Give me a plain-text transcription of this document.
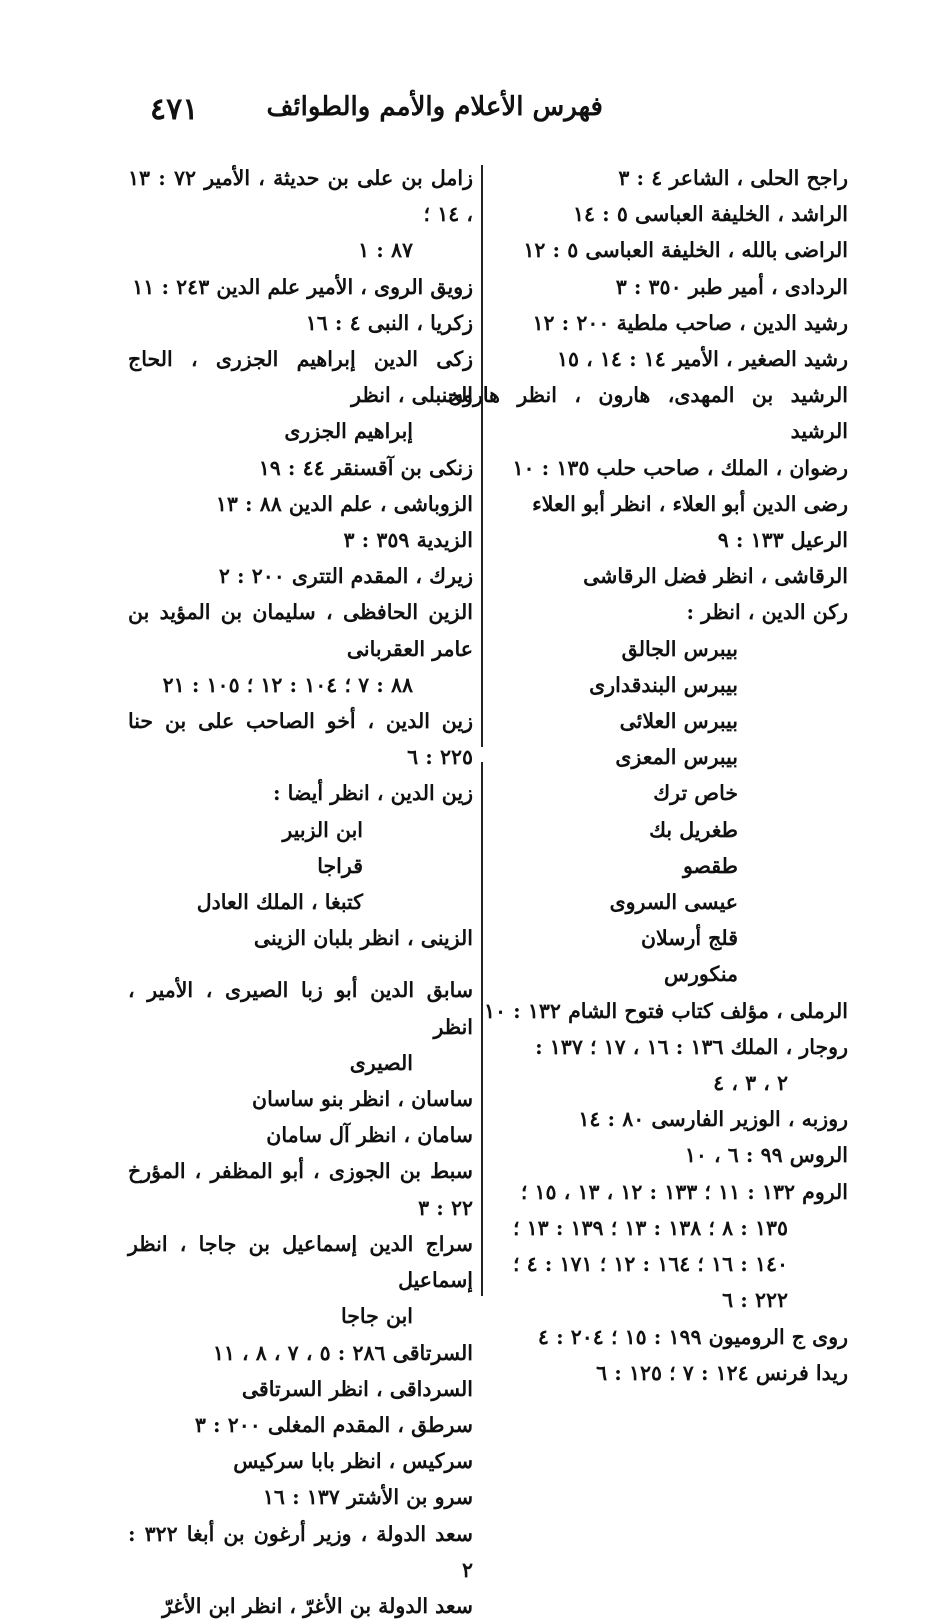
٤٧١	فهرس الأعلام والأمم والطوائف
راجح الحلى ، الشاعر ٤ : ٣
الراشد ، الخليفة العباسى ٥ : ١٤
الراضى بالله ، الخليفة العباسى ٥ : ١٢
الردادى ، أمير طبر ٣٥٠ : ٣
رشيد الدين ، صاحب ملطية ٢٠٠ : ١٢
رشيد الصغير ، الأمير ١٤ : ١٤ ، ١٥
الرشيد بن المهدى، هارون ، انظر هارون الرشيد
رضوان ، الملك ، صاحب حلب ١٣٥ : ١٠
رضى الدين أبو العلاء ، انظر أبو العلاء
الرعيل ١٣٣ : ٩
الرقاشى ، انظر فضل الرقاشى
ركن الدين ، انظر :
بيبرس الجالق
بيبرس البندقدارى
بيبرس العلائى
بيبرس المعزى
خاص ترك
طغريل بك
طقصو
عيسى السروى
قلج أرسلان
منكورس
الرملى ، مؤلف كتاب فتوح الشام ١٣٢ : ١٠
روجار ، الملك ١٣٦ : ١٦ ، ١٧ ؛ ١٣٧ :
٢ ، ٣ ، ٤
روزبه ، الوزير الفارسى ٨٠ : ١٤
الروس ٩٩ : ٦ ، ١٠
الروم ١٣٢ : ١١ ؛ ١٣٣ : ١٢ ، ١٣ ، ١٥ ؛
١٣٥ : ٨ ؛ ١٣٨ : ١٣ ؛ ١٣٩ : ١٣ ؛
١٤٠ : ١٦ ؛ ١٦٤ : ١٢ ؛ ١٧١ : ٤ ؛
٢٢٢ : ٦
روى ج الروميون ١٩٩ : ١٥ ؛ ٢٠٤ : ٤
ريدا فرنس ١٢٤ : ٧ ؛ ١٢٥ : ٦
زامل بن على بن حديثة ، الأمير ٧٢ : ١٣ ، ١٤ ؛
٨٧ : ١
زويق الروى ، الأمير علم الدين ٢٤٣ : ١١
زكريا ، النبى ٤ : ١٦
زكى الدين إبراهيم الجزرى ، الحاج الحنبلى ، انظر
إبراهيم الجزرى
زنكى بن آقسنقر ٤٤ : ١٩
الزوباشى ، علم الدين ٨٨ : ١٣
الزيدية ٣٥٩ : ٣
زيرك ، المقدم التترى ٢٠٠ : ٢
الزين الحافظى ، سليمان بن المؤيد بن عامر العقربانى
٨٨ : ٧ ؛ ١٠٤ : ١٢ ؛ ١٠٥ : ٢١
زين الدين ، أخو الصاحب على بن حنا ٢٢٥ : ٦
زين الدين ، انظر أيضا :
ابن الزبير
قراجا
كتبغا ، الملك العادل
الزينى ، انظر بلبان الزينى
سابق الدين أبو زبا الصيرى ، الأمير ، انظر
الصيرى
ساسان ، انظر بنو ساسان
سامان ، انظر آل سامان
سبط بن الجوزى ، أبو المظفر ، المؤرخ ٢٢ : ٣
سراج الدين إسماعيل بن جاجا ، انظر إسماعيل
ابن جاجا
السرتاقى ٢٨٦ : ٥ ، ٧ ، ٨ ، ١١
السرداقى ، انظر السرتاقى
سرطق ، المقدم المغلى ٢٠٠ : ٣
سركيس ، انظر بابا سركيس
سرو بن الأشتر ١٣٧ : ١٦
سعد الدولة ، وزير أرغون بن أبغا ٣٢٢ : ٢
سعد الدولة بن الأغرّ ، انظر ابن الأغرّ
